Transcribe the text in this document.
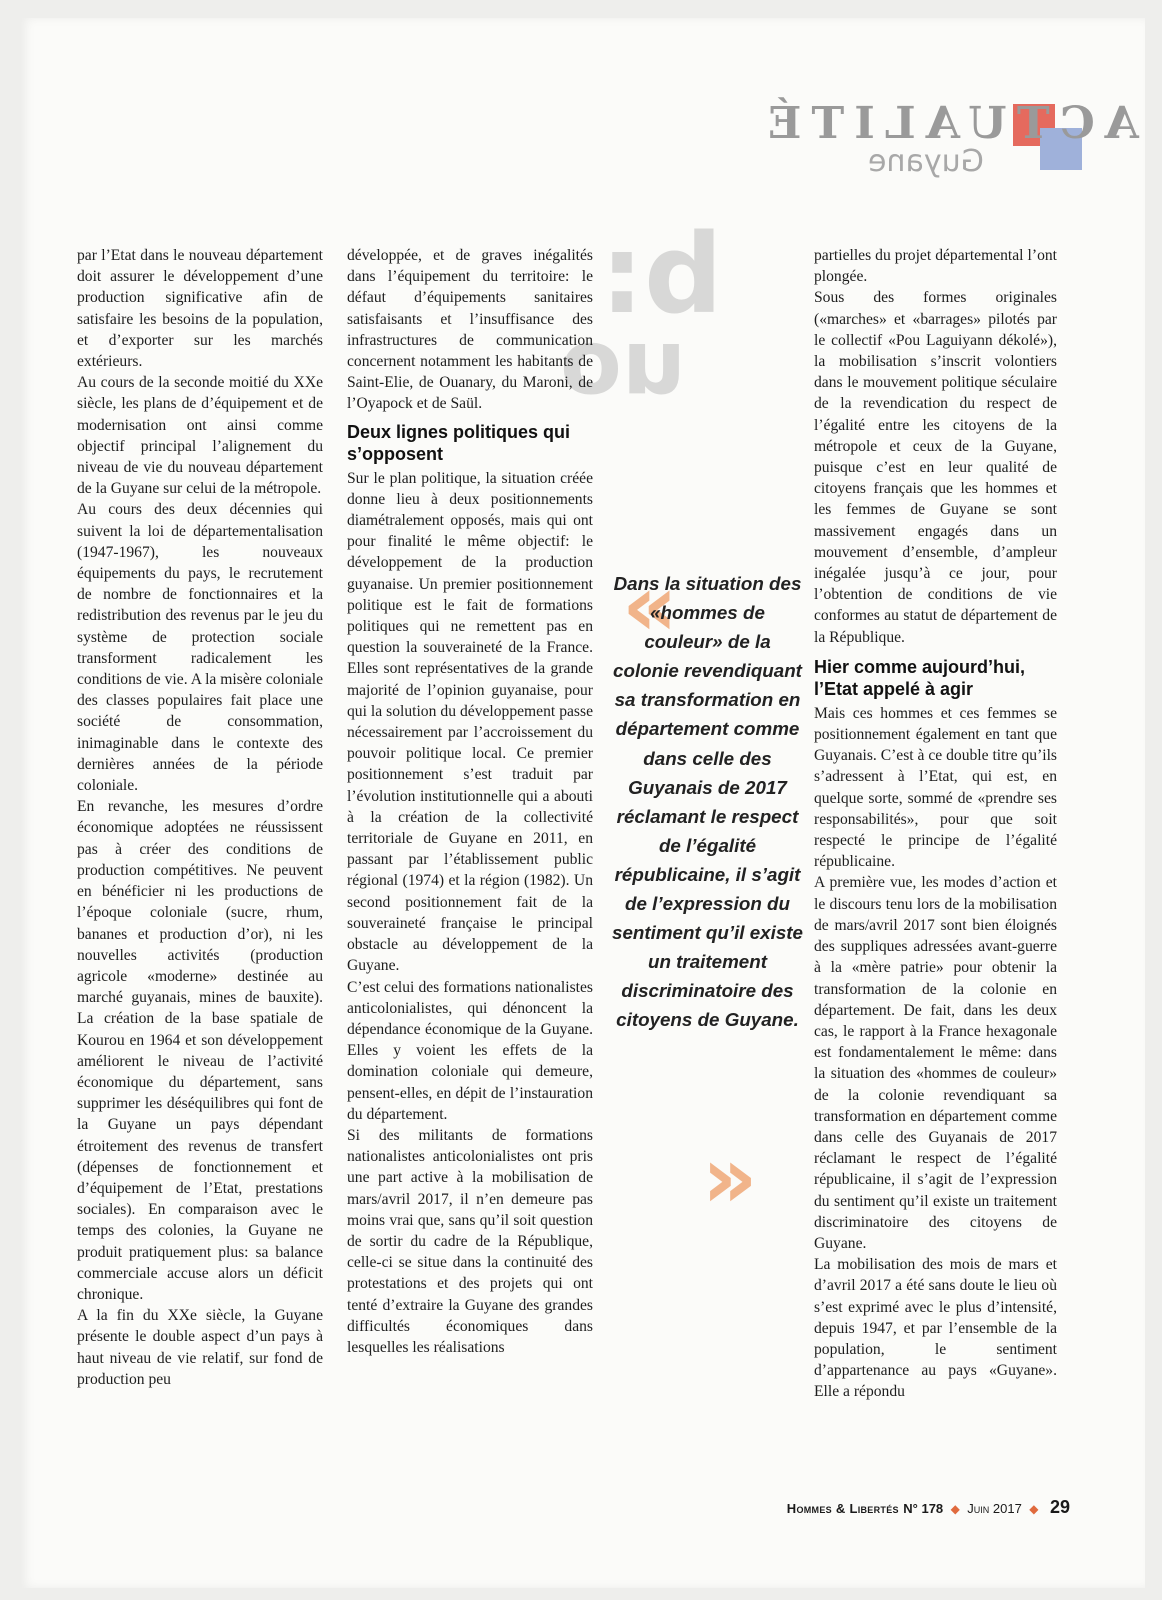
b:
uo
ACTUALITÉ
Guyane

par l’Etat dans le nouveau département doit assurer le développement d’une production significative afin de satisfaire les besoins de la population, et d’exporter sur les marchés extérieurs.

Au cours de la seconde moitié du XXe siècle, les plans de d’équipement et de modernisation ont ainsi comme objectif principal l’alignement du niveau de vie du nouveau département de la Guyane sur celui de la métropole.

Au cours des deux décennies qui suivent la loi de départementalisation (1947-1967), les nouveaux équipements du pays, le recrutement de nombre de fonctionnaires et la redistribution des revenus par le jeu du système de protection sociale transforment radicalement les conditions de vie. A la misère coloniale des classes populaires fait place une société de consommation, inimaginable dans le contexte des dernières années de la période coloniale.

En revanche, les mesures d’ordre économique adoptées ne réussissent pas à créer des conditions de production compétitives. Ne peuvent en bénéficier ni les productions de l’époque coloniale (sucre, rhum, bananes et production d’or), ni les nouvelles activités (production agricole «moderne» destinée au marché guyanais, mines de bauxite). La création de la base spatiale de Kourou en 1964 et son développement améliorent le niveau de l’activité économique du département, sans supprimer les déséquilibres qui font de la Guyane un pays dépendant étroitement des revenus de transfert (dépenses de fonctionnement et d’équipement de l’Etat, prestations sociales). En comparaison avec le temps des colonies, la Guyane ne produit pratiquement plus: sa balance commerciale accuse alors un déficit chronique.

A la fin du XXe siècle, la Guyane présente le double aspect d’un pays à haut niveau de vie relatif, sur fond de production peu

développée, et de graves inégalités dans l’équipement du territoire: le défaut d’équipements sanitaires satisfaisants et l’insuffisance des infrastructures de communication concernent notamment les habitants de Saint-Elie, de Ouanary, du Maroni, de l’Oyapock et de Saül.

Deux lignes politiques qui s’opposent

Sur le plan politique, la situation créée donne lieu à deux positionnements diamétralement opposés, mais qui ont pour finalité le même objectif: le développement de la production guyanaise. Un premier positionnement politique est le fait de formations politiques qui ne remettent pas en question la souveraineté de la France. Elles sont représentatives de la grande majorité de l’opinion guyanaise, pour qui la solution du développement passe nécessairement par l’accroissement du pouvoir politique local. Ce premier positionnement s’est traduit par l’évolution institutionnelle qui a abouti à la création de la collectivité territoriale de Guyane en 2011, en passant par l’établissement public régional (1974) et la région (1982). Un second positionnement fait de la souveraineté française le principal obstacle au développement de la Guyane.

C’est celui des formations nationalistes anticolonialistes, qui dénoncent la dépendance économique de la Guyane. Elles y voient les effets de la domination coloniale qui demeure, pensent-elles, en dépit de l’instauration du département.

Si des militants de formations nationalistes anticolonialistes ont pris une part active à la mobilisation de mars/avril 2017, il n’en demeure pas moins vrai que, sans qu’il soit question de sortir du cadre de la République, celle-ci se situe dans la continuité des protestations et des projets qui ont tenté d’extraire la Guyane des grandes difficultés économiques dans lesquelles les réalisations

«
»
Dans la situation des «hommes de couleur» de la colonie revendiquant sa transformation en département comme dans celle des Guyanais de 2017 réclamant le respect de l’égalité républicaine, il s’agit de l’expression du sentiment qu’il existe un traitement discriminatoire des citoyens de Guyane.

partielles du projet départemental l’ont plongée.

Sous des formes originales («marches» et «barrages» pilotés par le collectif «Pou Laguiyann dékolé»), la mobilisation s’inscrit volontiers dans le mouvement politique séculaire de la revendication du respect de l’égalité entre les citoyens de la métropole et ceux de la Guyane, puisque c’est en leur qualité de citoyens français que les hommes et les femmes de Guyane se sont massivement engagés dans un mouvement d’ensemble, d’ampleur inégalée jusqu’à ce jour, pour l’obtention de conditions de vie conformes au statut de département de la République.

Hier comme aujourd’hui, l’Etat appelé à agir

Mais ces hommes et ces femmes se positionnement également en tant que Guyanais. C’est à ce double titre qu’ils s’adressent à l’Etat, qui est, en quelque sorte, sommé de «prendre ses responsabilités», pour que soit respecté le principe de l’égalité républicaine.

A première vue, les modes d’action et le discours tenu lors de la mobilisation de mars/avril 2017 sont bien éloignés des suppliques adressées avant-guerre à la «mère patrie» pour obtenir la transformation de la colonie en département. De fait, dans les deux cas, le rapport à la France hexagonale est fondamentalement le même: dans la situation des «hommes de couleur» de la colonie revendiquant sa transformation en département comme dans celle des Guyanais de 2017 réclamant le respect de l’égalité républicaine, il s’agit de l’expression du sentiment qu’il existe un traitement discriminatoire des citoyens de Guyane.

La mobilisation des mois de mars et d’avril 2017 a été sans doute le lieu où s’est exprimé avec le plus d’intensité, depuis 1947, et par l’ensemble de la population, le sentiment d’appartenance au pays «Guyane». Elle a répondu

Hommes & Libertés N° 178 ◆ Juin 2017 ◆ 29
